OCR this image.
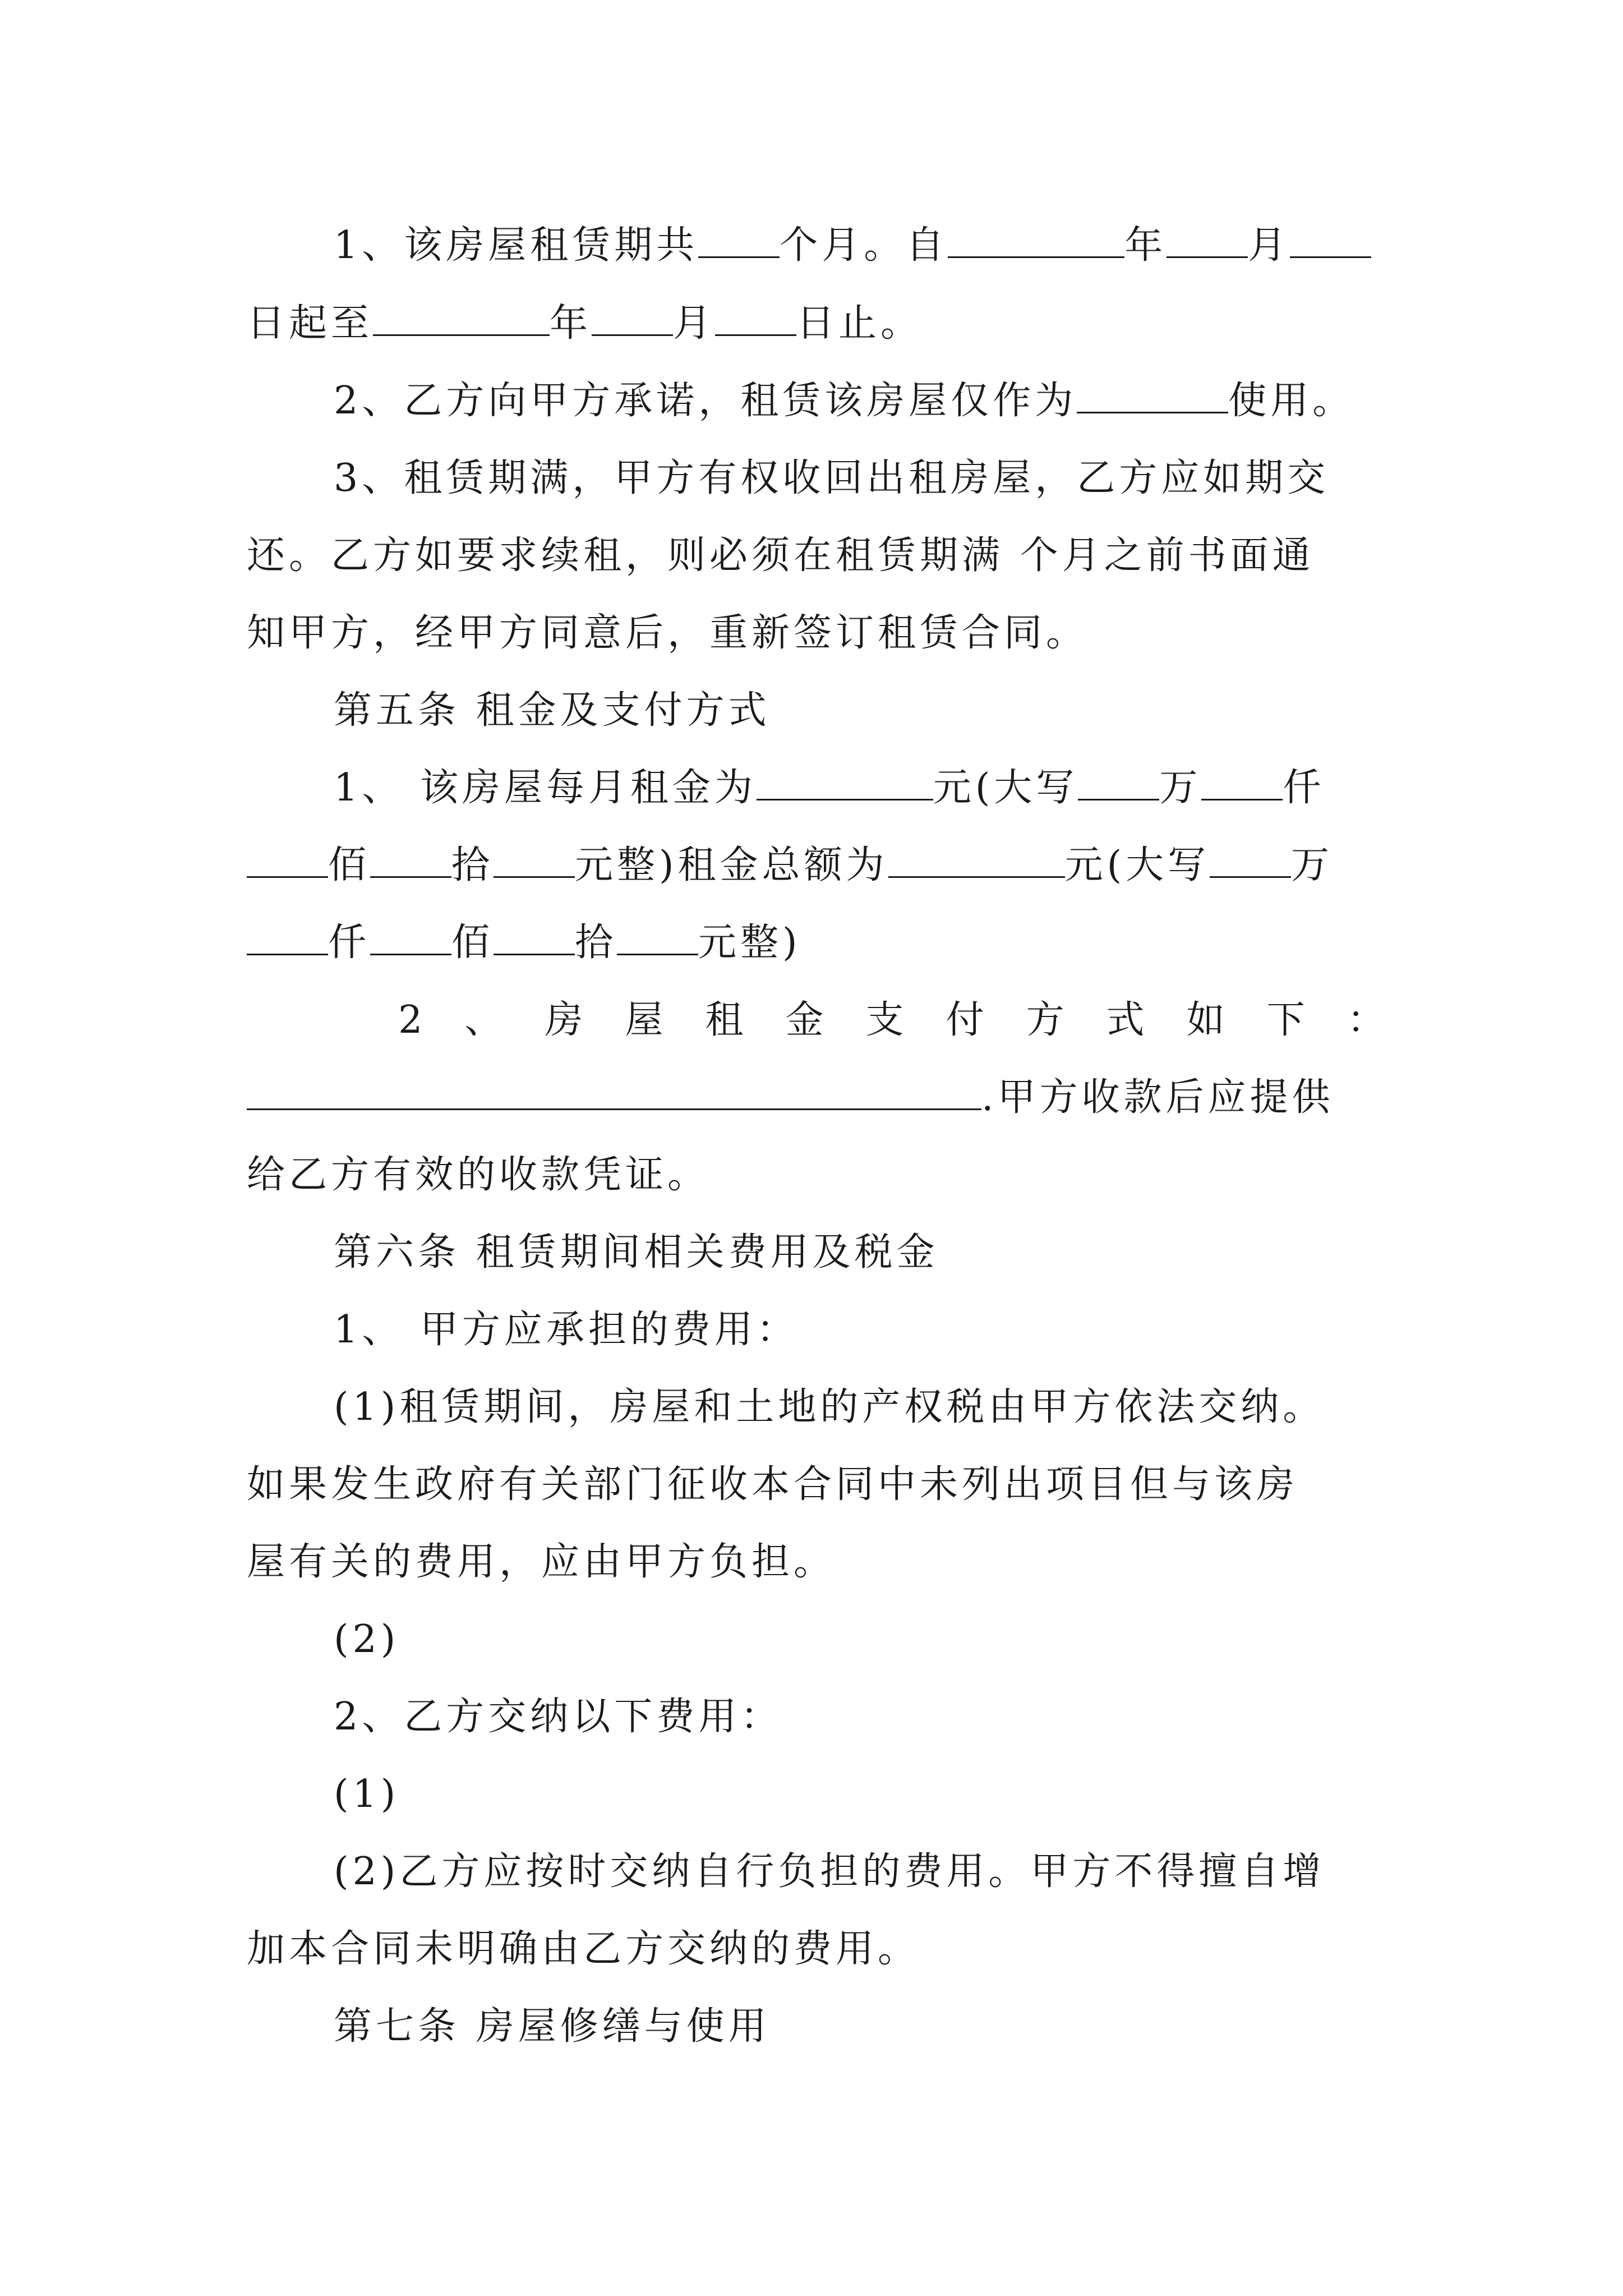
1、该房屋租赁期共 个月。自	年 月
日起至	年 月 日止。
2、乙方向甲方承诺，租赁该房屋仅作为	使用。
3、租赁期满，甲方有权收回出租房屋，乙方应如期交
还。乙方如要求续租，则必须在租赁期满 个月之前书面通
知甲方，经甲方同意后，重新签订租赁合同。
第五条 租金及支付方式
1、 该房屋每月租金为	元(大写 万 仟
佰 拾 元整)租金总额为	元(大写 万
仟 佰 拾 元整)
2 、 房 屋 租 金 支 付 方 式 如 下 ：
.甲方收款后应提供
给乙方有效的收款凭证。
第六条 租赁期间相关费用及税金
1、 甲方应承担的费用：
(1)租赁期间，房屋和土地的产权税由甲方依法交纳。
如果发生政府有关部门征收本合同中未列出项目但与该房
屋有关的费用，应由甲方负担。
(2)
2、乙方交纳以下费用：
(1)
(2)乙方应按时交纳自行负担的费用。甲方不得擅自增
加本合同未明确由乙方交纳的费用。
第七条 房屋修缮与使用
